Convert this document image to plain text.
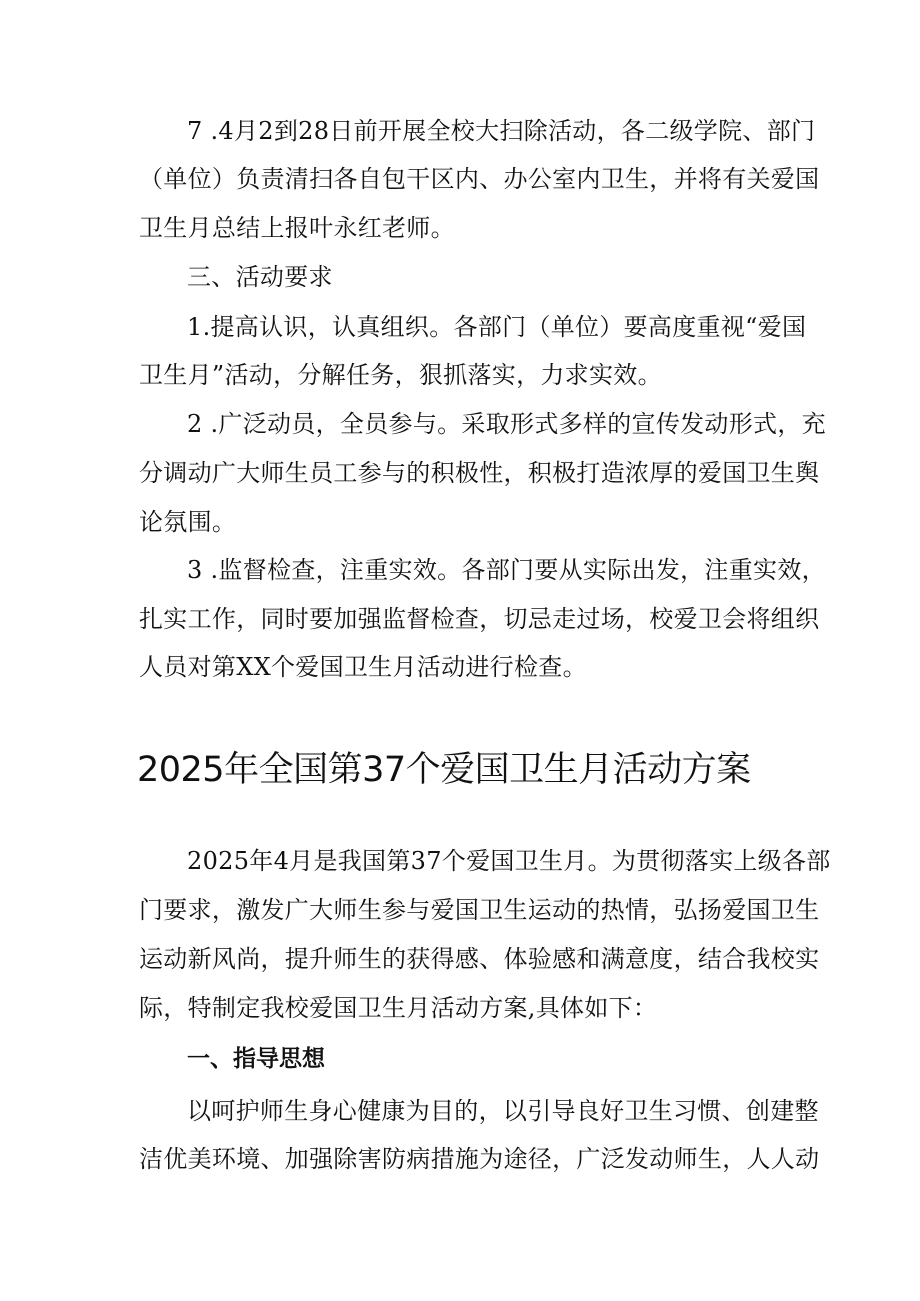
7 .4月2到28日前开展全校大扫除活动，各二级学院、部门
（单位）负责清扫各自包干区内、办公室内卫生，并将有关爱国
卫生月总结上报叶永红老师。
三、活动要求
1.提高认识，认真组织。各部门（单位）要高度重视“爱国
卫生月”活动，分解任务，狠抓落实，力求实效。
2 .广泛动员，全员参与。采取形式多样的宣传发动形式，充
分调动广大师生员工参与的积极性，积极打造浓厚的爱国卫生舆
论氛围。
3 .监督检查，注重实效。各部门要从实际出发，注重实效，
扎实工作，同时要加强监督检查，切忌走过场，校爱卫会将组织
人员对第XX个爱国卫生月活动进行检查。
2025年全国第37个爱国卫生月活动方案
2025年4月是我国第37个爱国卫生月。为贯彻落实上级各部
门要求，激发广大师生参与爱国卫生运动的热情，弘扬爱国卫生
运动新风尚，提升师生的获得感、体验感和满意度，结合我校实
际，特制定我校爱国卫生月活动方案,具体如下：
一、指导思想
以呵护师生身心健康为目的，以引导良好卫生习惯、创建整
洁优美环境、加强除害防病措施为途径，广泛发动师生，人人动
